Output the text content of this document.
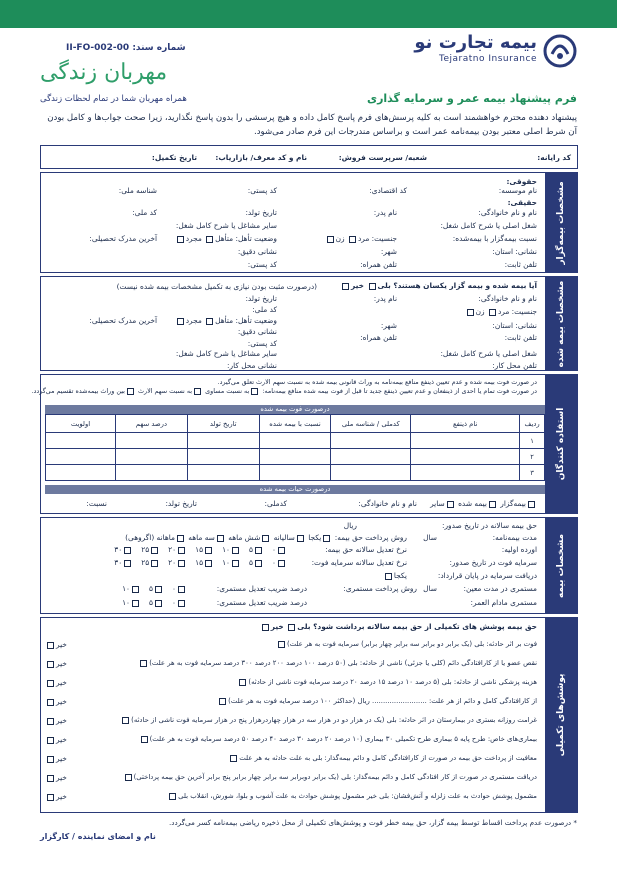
بیمه تجارت نو
Tejaratno Insurance
فرم پیشنهاد بیمه عمر و سرمایه گذاری
شماره سند: II-FO-002-00
مهربان زندگی
همراه مهربان شما در تمام لحظات زندگی
پیشنهاد دهنده محترم خواهشمند است به کلیه پرسش‌های فرم پاسخ کامل داده و هیچ پرسشی را بدون پاسخ نگذارید، زیرا صحت جواب‌ها و کامل بودن آن شرط اصلی معتبر بودن بیمه‌نامه عمر است و براساس مندرجات این فرم صادر می‌شود.
کد رایانه:
شعبه/ سرپرست فروش:
نام و کد معرف/ بازاریاب:
تاریخ تکمیل:
مشخصات بیمه‌گزار
حقوقی:
نام موسسه:
کد اقتصادی:
کد پستی:
شناسه ملی:
حقیقی:
نام و نام خانوادگی:
نام پدر:
تاریخ تولد:
کد ملی:
شغل اصلی یا شرح کامل شغل:
سایر مشاغل یا شرح کامل شغل:
نسبت بیمه‌گزار با بیمه‌شده:
جنسیت: مرد زن
وضعیت تأهل: متأهل مجرد
آخرین مدرک تحصیلی:
نشانی: استان:
شهر:
نشانی دقیق:
تلفن ثابت:
تلفن همراه:
کد پستی:
مشخصات بیمه شده
آیا بیمه شده و بیمه گزار یکسان هستند؟ بلی خیر
(درصورت مثبت بودن نیازی به تکمیل مشخصات بیمه شده نیست)
نام و نام خانوادگی:
نام پدر:
تاریخ تولد:
کد ملی:	جنسیت: مرد زن
وضعیت تأهل: متأهل مجرد
آخرین مدرک تحصیلی:
نشانی: استان:
شهر:
نشانی دقیق:
تلفن ثابت:
تلفن همراه:
کد پستی:
شغل اصلی یا شرح کامل شغل:
سایر مشاغل یا شرح کامل شغل:
تلفن محل کار:
نشانی محل کار:
استفاده کنندگان
در صورت فوت بیمه شده و عدم تعیین ذینفع منافع بیمه‌نامه به وراث قانونی بیمه شده به نسبت سهم الارث تعلق می‌گیرد.
در صورت فوت تمام یا احدی از ذینفعان و عدم تعیین ذینفع جدید تا قبل از فوت بیمه شده منافع بیمه‌نامه: به نسبت مساوی به نسبت سهم الارث بین وراث بیمه‌شده تقسیم می‌گردد.
درصورت فوت بیمه شده
ردیف	نام ذینفع	کدملی / شناسه ملی	نسبت با بیمه شده	تاریخ تولد	درصد سهم	اولویت
۱						
۲						
۳						
درصورت حیات بیمه شده
بیمه‌گزار بیمه شده سایر
نام و نام خانوادگی:
کدملی:
تاریخ تولد:
نسبت:
مشخصات بیمه
حق بیمه سالانه در تاریخ صدور:
ریال
مدت بیمه‌نامه:
سال
روش پرداخت حق بیمه: یکجا سالیانه شش ماهه سه ماهه ماهانه (اگروهی)
اورده اولیه:
نرخ تعدیل سالانه حق بیمه:
۰۵۱۰۱۵۲۰۲۵۳۰
سرمایه فوت در تاریخ صدور:
نرخ تعدیل سالانه سرمایه فوت:
۰۵۱۰۱۵۲۰۲۵۳۰
دریافت سرمایه در پایان قرارداد:
یکجا
مستمری در مدت معین:
سال
روش پرداخت مستمری:
درصد ضریب تعدیل مستمری:
۰۵۱۰
مستمری مادام العمر:
درصد ضریب تعدیل مستمری:
۰۵۱۰
پوشش‌های تکمیلی
حق بیمه پوشش های تکمیلی از حق بیمه سالانه برداشت شود؟ بلی خیر
فوت بر اثر حادثه: بلی (یک برابر دو برابر سه برابر چهار برابر) سرمایه فوت به هر علت)
خیر
نقص عضو یا از کارافتادگی دائم (کلی یا جزئی) ناشی از حادثه: بلی (۵۰ درصد ۱۰۰ درصد ۲۰۰ درصد ۳۰۰ درصد سرمایه فوت به هر علت)
خیر
هزینه پزشکی ناشی از حادثه: بلی (۵ درصد ۱۰ درصد ۱۵ درصد ۲۰ درصد سرمایه فوت ناشی از حادثه)
خیر
از کارافتادگی کامل و دائم از هر علت: ......................... ریال (حداکثر ۱۰۰ درصد سرمایه فوت به هر علت)
خیر
غرامت روزانه بستری در بیمارستان در اثر حادثه: بلی (یک در هزار دو در هزار سه در هزار چهاردرهزار پنج در هزار سرمایه فوت ناشی از حادثه)
خیر
بیماری‌های خاص: طرح پایه ۵ بیماری طرح تکمیلی ۳۰ بیماری (۱۰ درصد ۲۰ درصد ۳۰ درصد ۴۰ درصد ۵۰ درصد سرمایه فوت به هر علت)
خیر
معافیت از پرداخت حق بیمه در صورت از کارافتادگی کامل و دائم بیمه‌گذار: بلی به علت حادثه به هر علت
خیر
دریافت مستمری در صورت از کار افتادگی کامل و دائم بیمه‌گذار: بلی (یک برابر دوبرابر سه برابر چهار برابر پنج برابر آخرین حق بیمه پرداختی)
خیر
مشمول پوشش حوادث به علت زلزله و آتش‌فشان: بلی خیر مشمول پوشش حوادث به علت آشوب و بلوا، شورش، انقلاب بلی
خیر
* درصورت عدم پرداخت اقساط توسط بیمه گزار، حق بیمه خطر فوت و پوشش‌های تکمیلی از محل ذخیره ریاضی بیمه‌نامه کسر می‌گردد.
نام و امضای نماینده / کارگزار
